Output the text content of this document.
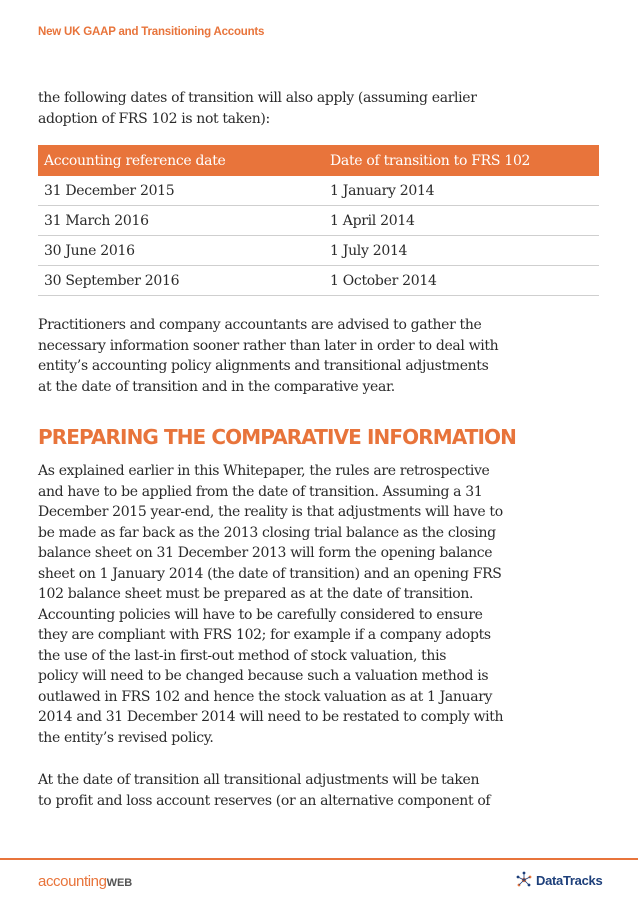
New UK GAAP and Transitioning Accounts

the following dates of transition will also apply (assuming earlier
adoption of FRS 102 is not taken):

Accounting reference date	Date of transition to FRS 102
31 December 2015	1 January 2014
31 March 2016	1 April 2014
30 June 2016	1 July 2014
30 September 2016	1 October 2014

Practitioners and company accountants are advised to gather the
necessary information sooner rather than later in order to deal with
entity’s accounting policy alignments and transitional adjustments
at the date of transition and in the comparative year.

PREPARING THE COMPARATIVE INFORMATION

As explained earlier in this Whitepaper, the rules are retrospective
and have to be applied from the date of transition. Assuming a 31
December 2015 year-end, the reality is that adjustments will have to
be made as far back as the 2013 closing trial balance as the closing
balance sheet on 31 December 2013 will form the opening balance
sheet on 1 January 2014 (the date of transition) and an opening FRS
102 balance sheet must be prepared as at the date of transition.
Accounting policies will have to be carefully considered to ensure
they are compliant with FRS 102; for example if a company adopts
the use of the last-in first-out method of stock valuation, this
policy will need to be changed because such a valuation method is
outlawed in FRS 102 and hence the stock valuation as at 1 January
2014 and 31 December 2014 will need to be restated to comply with
the entity’s revised policy.

At the date of transition all transitional adjustments will be taken
to profit and loss account reserves (or an alternative component of

accountingWEB	DataTracks
